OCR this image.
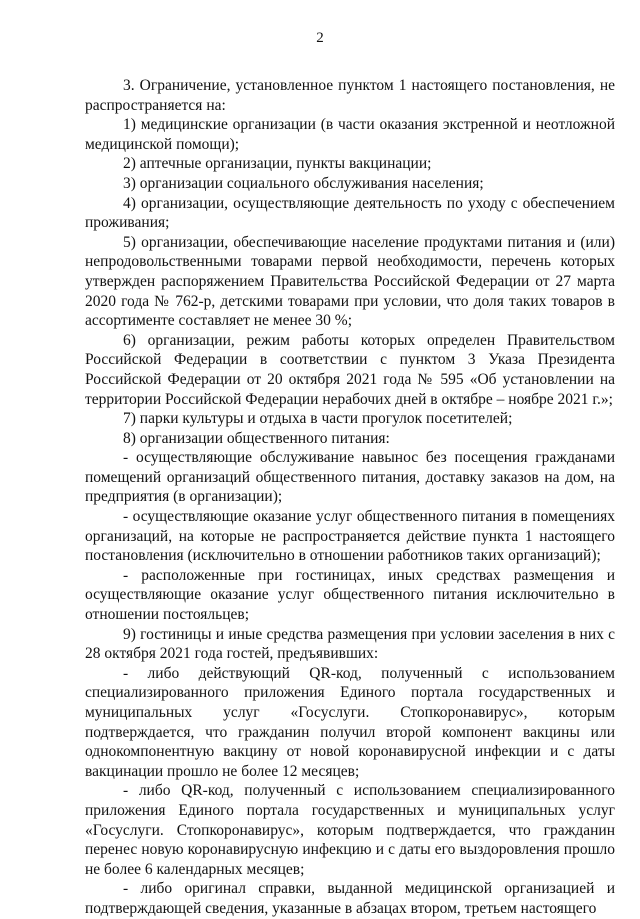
2

3. Ограничение, установленное пунктом 1 настоящего постановления, не распространяется на:

1) медицинские организации (в части оказания экстренной и неотложной медицинской помощи);

2) аптечные организации, пункты вакцинации;

3) организации социального обслуживания населения;

4) организации, осуществляющие деятельность по уходу с обеспечением проживания;

5) организации, обеспечивающие население продуктами питания и (или) непродовольственными товарами первой необходимости, перечень которых утвержден распоряжением Правительства Российской Федерации от 27 марта 2020 года № 762-р, детскими товарами при условии, что доля таких товаров в ассортименте составляет не менее 30 %;

6) организации, режим работы которых определен Правительством Российской Федерации в соответствии с пунктом 3 Указа Президента Российской Федерации от 20 октября 2021 года № 595 «Об установлении на территории Российской Федерации нерабочих дней в октябре – ноябре 2021 г.»;

7) парки культуры и отдыха в части прогулок посетителей;

8) организации общественного питания:

- осуществляющие обслуживание навынос без посещения гражданами помещений организаций общественного питания, доставку заказов на дом, на предприятия (в организации);

- осуществляющие оказание услуг общественного питания в помещениях организаций, на которые не распространяется действие пункта 1 настоящего постановления (исключительно в отношении работников таких организаций);

- расположенные при гостиницах, иных средствах размещения и осуществляющие оказание услуг общественного питания исключительно в отношении постояльцев;

9) гостиницы и иные средства размещения при условии заселения в них с 28 октября 2021 года гостей, предъявивших:

- либо действующий QR-код, полученный с использованием специализированного приложения Единого портала государственных и муниципальных услуг «Госуслуги. Стопкоронавирус», которым подтверждается, что гражданин получил второй компонент вакцины или однокомпонентную вакцину от новой коронавирусной инфекции и с даты вакцинации прошло не более 12 месяцев;

- либо QR-код, полученный с использованием специализированного приложения Единого портала государственных и муниципальных услуг «Госуслуги. Стопкоронавирус», которым подтверждается, что гражданин перенес новую коронавирусную инфекцию и с даты его выздоровления прошло не более 6 календарных месяцев;

- либо оригинал справки, выданной медицинской организацией и подтверждающей сведения, указанные в абзацах втором, третьем настоящего
